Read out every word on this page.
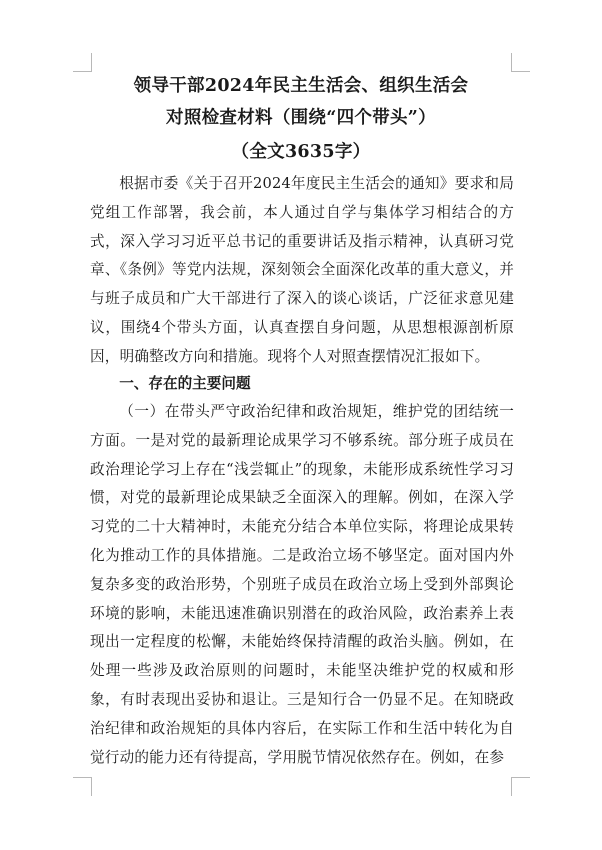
领导干部2024年民主生活会、组织生活会
对照检查材料（围绕“四个带头”）
（全文3635字）

根据市委《关于召开2024年度民主生活会的通知》要求和局党组工作部署，我会前，本人通过自学与集体学习相结合的方式，深入学习习近平总书记的重要讲话及指示精神，认真研习党章、《条例》等党内法规，深刻领会全面深化改革的重大意义，并与班子成员和广大干部进行了深入的谈心谈话，广泛征求意见建议，围绕4个带头方面，认真查摆自身问题，从思想根源剖析原因，明确整改方向和措施。现将个人对照查摆情况汇报如下。

一、存在的主要问题

（一）在带头严守政治纪律和政治规矩，维护党的团结统一方面。一是对党的最新理论成果学习不够系统。部分班子成员在政治理论学习上存在“浅尝辄止”的现象，未能形成系统性学习习惯，对党的最新理论成果缺乏全面深入的理解。例如，在深入学习党的二十大精神时，未能充分结合本单位实际，将理论成果转化为推动工作的具体措施。二是政治立场不够坚定。面对国内外复杂多变的政治形势，个别班子成员在政治立场上受到外部舆论环境的影响，未能迅速准确识别潜在的政治风险，政治素养上表现出一定程度的松懈，未能始终保持清醒的政治头脑。例如，在处理一些涉及政治原则的问题时，未能坚决维护党的权威和形象，有时表现出妥协和退让。三是知行合一仍显不足。在知晓政治纪律和政治规矩的具体内容后，在实际工作和生活中转化为自觉行动的能力还有待提高，学用脱节情况依然存在。例如，在参
